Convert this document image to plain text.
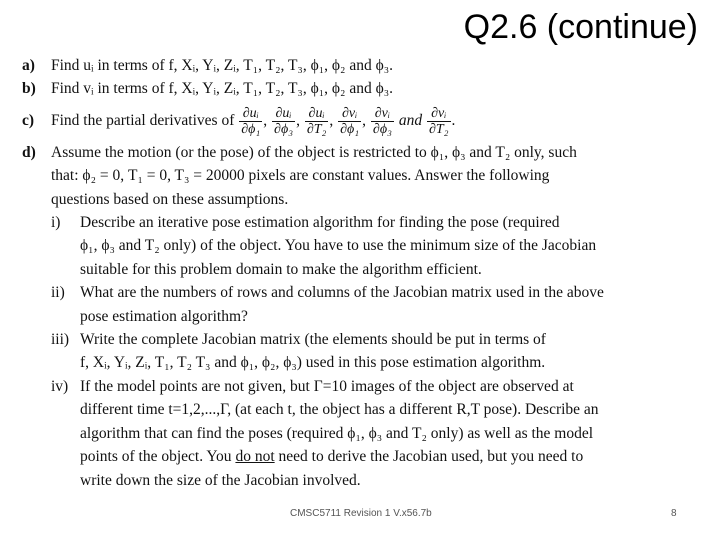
Q2.6 (continue)
a) Find uᵢ in terms of f, Xᵢ, Yᵢ, Zᵢ, T₁, T₂, T₃, ϕ₁, ϕ₂ and ϕ₃.
b) Find vᵢ in terms of f, Xᵢ, Yᵢ, Zᵢ, T₁, T₂, T₃, ϕ₁, ϕ₂ and ϕ₃.
c) Find the partial derivatives of $\frac{\text{∂uᵢ}}{\text{∂ϕ₁}}$ , $\frac{\text{∂uᵢ}}{\text{∂ϕ₃}}$ , $\frac{\text{∂uᵢ}}{\text{∂T₂}}$ , $\frac{\text{∂vᵢ}}{\text{∂ϕ₁}}$ , $\frac{\text{∂vᵢ}}{\text{∂ϕ₃}}$ and $\frac{\text{∂vᵢ}}{\text{∂T₂}}$ .
d) Assume the motion (or the pose) of the object is restricted to ϕ₁, ϕ₃ and T₂ only, such
that: ϕ₂ = 0, T₁ = 0, T₃ = 20000 pixels are constant values. Answer the following
questions based on these assumptions.
i) Describe an iterative pose estimation algorithm for finding the pose (required
ϕ₁, ϕ₃ and T₂ only) of the object. You have to use the minimum size of the Jacobian
suitable for this problem domain to make the algorithm efficient.
ii) What are the numbers of rows and columns of the Jacobian matrix used in the above
pose estimation algorithm?
iii) Write the complete Jacobian matrix (the elements should be put in terms of
f, Xᵢ, Yᵢ, Zᵢ, T₁, T₂ T₃ and ϕ₁, ϕ₂, ϕ₃) used in this pose estimation algorithm.
iv) If the model points are not given, but Γ=10 images of the object are observed at
different time t=1,2,...,Γ, (at each t, the object has a different R,T pose). Describe an
algorithm that can find the poses (required ϕ₁, ϕ₃ and T₂ only) as well as the model
points of the object. You do not need to derive the Jacobian used, but you need to
write down the size of the Jacobian involved.
CMSC5711 Revision 1 V.x56.7b	8
